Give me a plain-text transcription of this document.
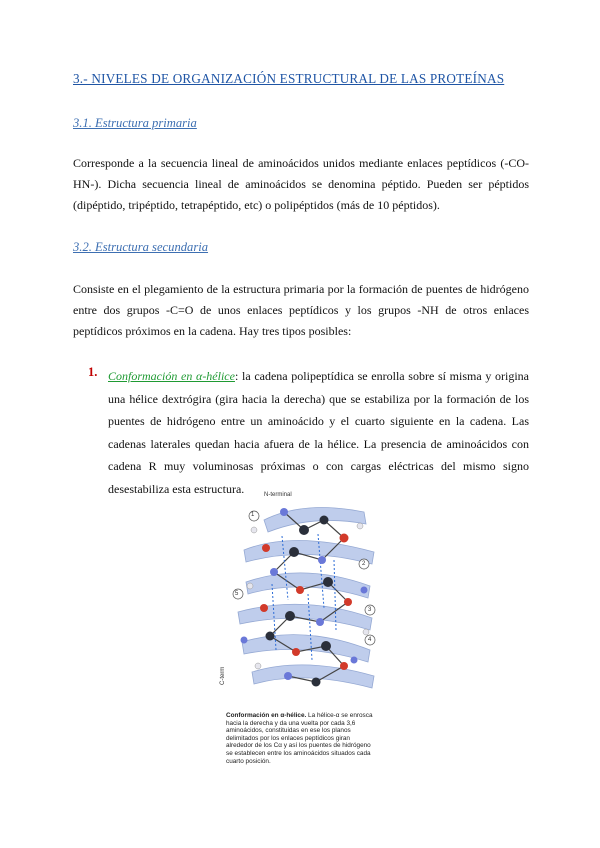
3.- NIVELES DE ORGANIZACIÓN ESTRUCTURAL DE LAS PROTEÍNAS
3.1. Estructura primaria
Corresponde a la secuencia lineal de aminoácidos unidos mediante enlaces peptídicos (-CO-HN-). Dicha secuencia lineal de aminoácidos se denomina péptido. Pueden ser péptidos (dipéptido, tripéptido, tetrapéptido, etc) o polipéptidos (más de 10 péptidos).
3.2. Estructura secundaria
Consiste en el plegamiento de la estructura primaria por la formación de puentes de hidrógeno entre dos grupos -C=O de unos enlaces peptídicos y los grupos -NH de otros enlaces peptídicos próximos en la cadena. Hay tres tipos posibles:
1. Conformación en α-hélice: la cadena polipeptídica se enrolla sobre sí misma y origina una hélice dextrógira (gira hacia la derecha) que se estabiliza por la formación de los puentes de hidrógeno entre un aminoácido y el cuarto siguiente en la cadena. Las cadenas laterales quedan hacia afuera de la hélice. La presencia de aminoácidos con cadena R muy voluminosas próximas o con cargas eléctricas del mismo signo desestabiliza esta estructura.	N-terminal
1
2
5
3
4
C-term
Conformación en α-hélice. La hélice-α se enrosca hacia la derecha y da una vuelta por cada 3,6 aminoácidos, constituidas en ese los planos delimitados por los enlaces peptídicos giran alrededor de los Cα y así los puentes de hidrógeno se establecen entre los aminoácidos situados cada cuarto posición.
